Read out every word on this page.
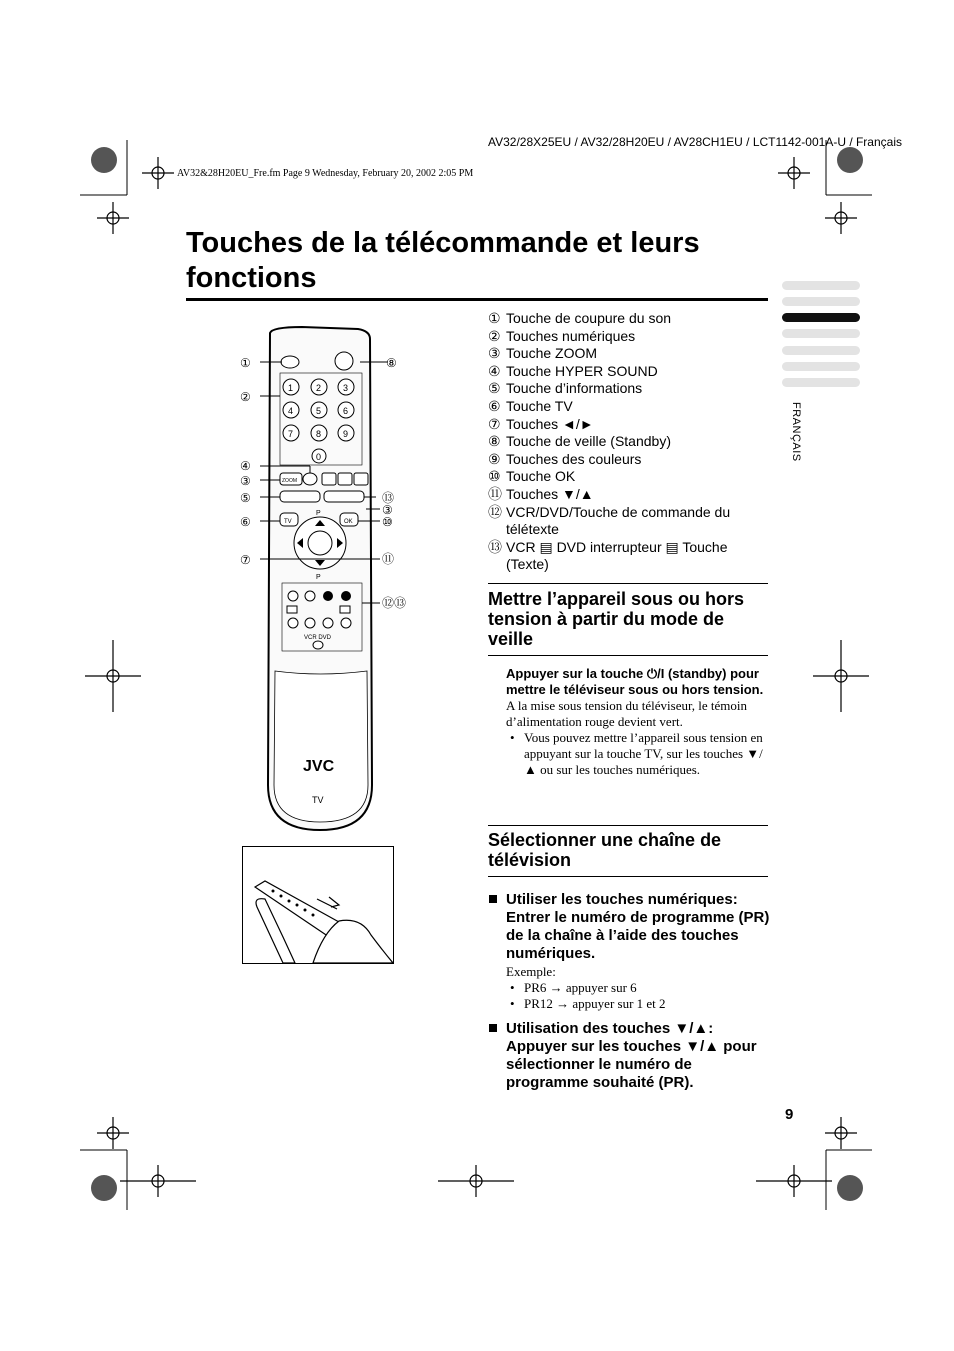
AV32/28X25EU / AV32/28H20EU / AV28CH1EU / LCT1142-001A-U / Français
AV32&28H20EU_Fre.fm Page 9 Wednesday, February 20, 2002 2:05 PM
Touches de la télécommande et leurs fonctions
FRANÇAIS
1	2 3
4	5 6
7	8 9
0
ZOOM
P
TV	OK
P
VCR DVD
JVC
TV
①
②
④
③
⑤
⑥
⑦
⑧
⑬
③
⑩
⑪
⑫⑬
① Touche de coupure du son
② Touches numériques
③ Touche ZOOM
④ Touche HYPER SOUND
⑤ Touche d’informations
⑥ Touche TV
⑦ Touches ◄/►
⑧ Touche de veille (Standby)
⑨ Touches des couleurs
⑩ Touche OK
⑪ Touches ▼/▲
⑫ VCR/DVD/Touche de commande du télétexte
⑬ VCR ▤ DVD interrupteur ▤ Touche (Texte)
Mettre l’appareil sous ou hors tension à partir du mode de veille
Appuyer sur la touche ⏻/I (standby) pour mettre le téléviseur sous ou hors tension.
A la mise sous tension du téléviseur, le témoin d’alimentation rouge devient vert.
• Vous pouvez mettre l’appareil sous tension en appuyant sur la touche TV, sur les touches ▼/▲ ou sur les touches numériques.
Sélectionner une chaîne de télévision
Utiliser les touches numériques: Entrer le numéro de programme (PR) de la chaîne à l’aide des touches numériques.
Exemple:
• PR6 → appuyer sur 6
• PR12 → appuyer sur 1 et 2
Utilisation des touches ▼/▲: Appuyer sur les touches ▼/▲ pour sélectionner le numéro de programme souhaité (PR).
9
